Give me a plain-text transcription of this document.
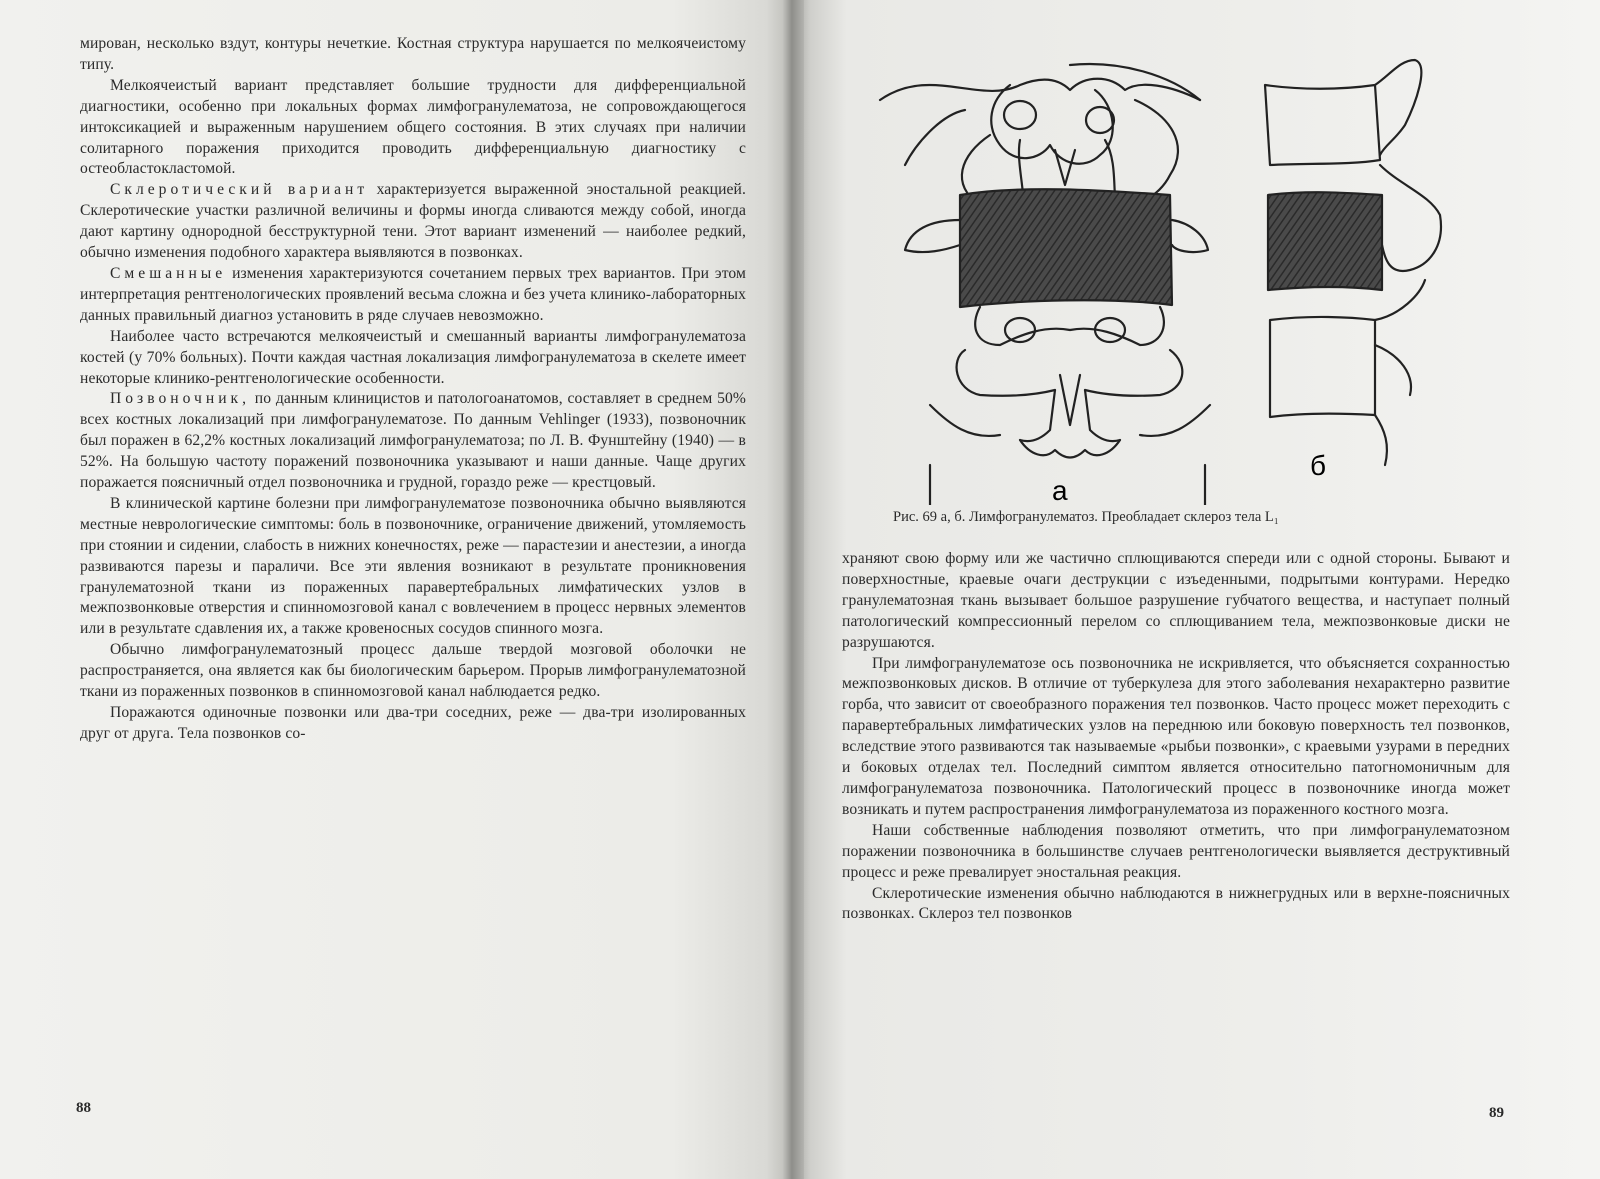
мирован, несколько вздут, контуры нечеткие. Костная структура нарушается по мелкоячеистому типу.

Мелкоячеистый вариант представляет большие трудности для дифференциальной диагностики, особенно при локальных формах лимфогранулематоза, не сопровождающегося интоксикацией и выраженным нарушением общего состояния. В этих случаях при наличии солитарного поражения приходится проводить дифференциальную диагностику с остеобластокластомой.

Склеротический вариант характеризуется выраженной эностальной реакцией. Склеротические участки различной величины и формы иногда сливаются между собой, иногда дают картину однородной бесструктурной тени. Этот вариант изменений — наиболее редкий, обычно изменения подобного характера выявляются в позвонках.

Смешанные изменения характеризуются сочетанием первых трех вариантов. При этом интерпретация рентгенологических проявлений весьма сложна и без учета клинико-лабораторных данных правильный диагноз установить в ряде случаев невозможно.

Наиболее часто встречаются мелкоячеистый и смешанный варианты лимфогранулематоза костей (у 70% больных). Почти каждая частная локализация лимфогранулематоза в скелете имеет некоторые клинико-рентгенологические особенности.

Позвоночник, по данным клиницистов и патологоанатомов, составляет в среднем 50% всех костных локализаций при лимфогранулематозе. По данным Vehlinger (1933), позвоночник был поражен в 62,2% костных локализаций лимфогранулематоза; по Л. В. Фунштейну (1940) — в 52%. На большую частоту поражений позвоночника указывают и наши данные. Чаще других поражается поясничный отдел позвоночника и грудной, гораздо реже — крестцовый.

В клинической картине болезни при лимфогранулематозе позвоночника обычно выявляются местные неврологические симптомы: боль в позвоночнике, ограничение движений, утомляемость при стоянии и сидении, слабость в нижних конечностях, реже — парастезии и анестезии, а иногда развиваются парезы и параличи. Все эти явления возникают в результате проникновения гранулематозной ткани из пораженных паравертебральных лимфатических узлов в межпозвонковые отверстия и спинномозговой канал с вовлечением в процесс нервных элементов или в результате сдавления их, а также кровеносных сосудов спинного мозга.

Обычно лимфогранулематозный процесс дальше твердой мозговой оболочки не распространяется, она является как бы биологическим барьером. Прорыв лимфогранулематозной ткани из пораженных позвонков в спинномозговой канал наблюдается редко.

Поражаются одиночные позвонки или два-три соседних, реже — два-три изолированных друг от друга. Тела позвонков со-

88
а
б
Рис. 69 а, б. Лимфогранулематоз. Преобладает склероз тела L₁

храняют свою форму или же частично сплющиваются спереди или с одной стороны. Бывают и поверхностные, краевые очаги деструкции с изъеденными, подрытыми контурами. Нередко гранулематозная ткань вызывает большое разрушение губчатого вещества, и наступает полный патологический компрессионный перелом со сплющиванием тела, межпозвонковые диски не разрушаются.

При лимфогранулематозе ось позвоночника не искривляется, что объясняется сохранностью межпозвонковых дисков. В отличие от туберкулеза для этого заболевания нехарактерно развитие горба, что зависит от своеобразного поражения тел позвонков. Часто процесс может переходить с паравертебральных лимфатических узлов на переднюю или боковую поверхность тел позвонков, вследствие этого развиваются так называемые «рыбьи позвонки», с краевыми узурами в передних и боковых отделах тел. Последний симптом является относительно патогномоничным для лимфогранулематоза позвоночника. Патологический процесс в позвоночнике иногда может возникать и путем распространения лимфогранулематоза из пораженного костного мозга.

Наши собственные наблюдения позволяют отметить, что при лимфогранулематозном поражении позвоночника в большинстве случаев рентгенологически выявляется деструктивный процесс и реже превалирует эностальная реакция.

Склеротические изменения обычно наблюдаются в нижнегрудных или в верхне-поясничных позвонках. Склероз тел позвонков

89
